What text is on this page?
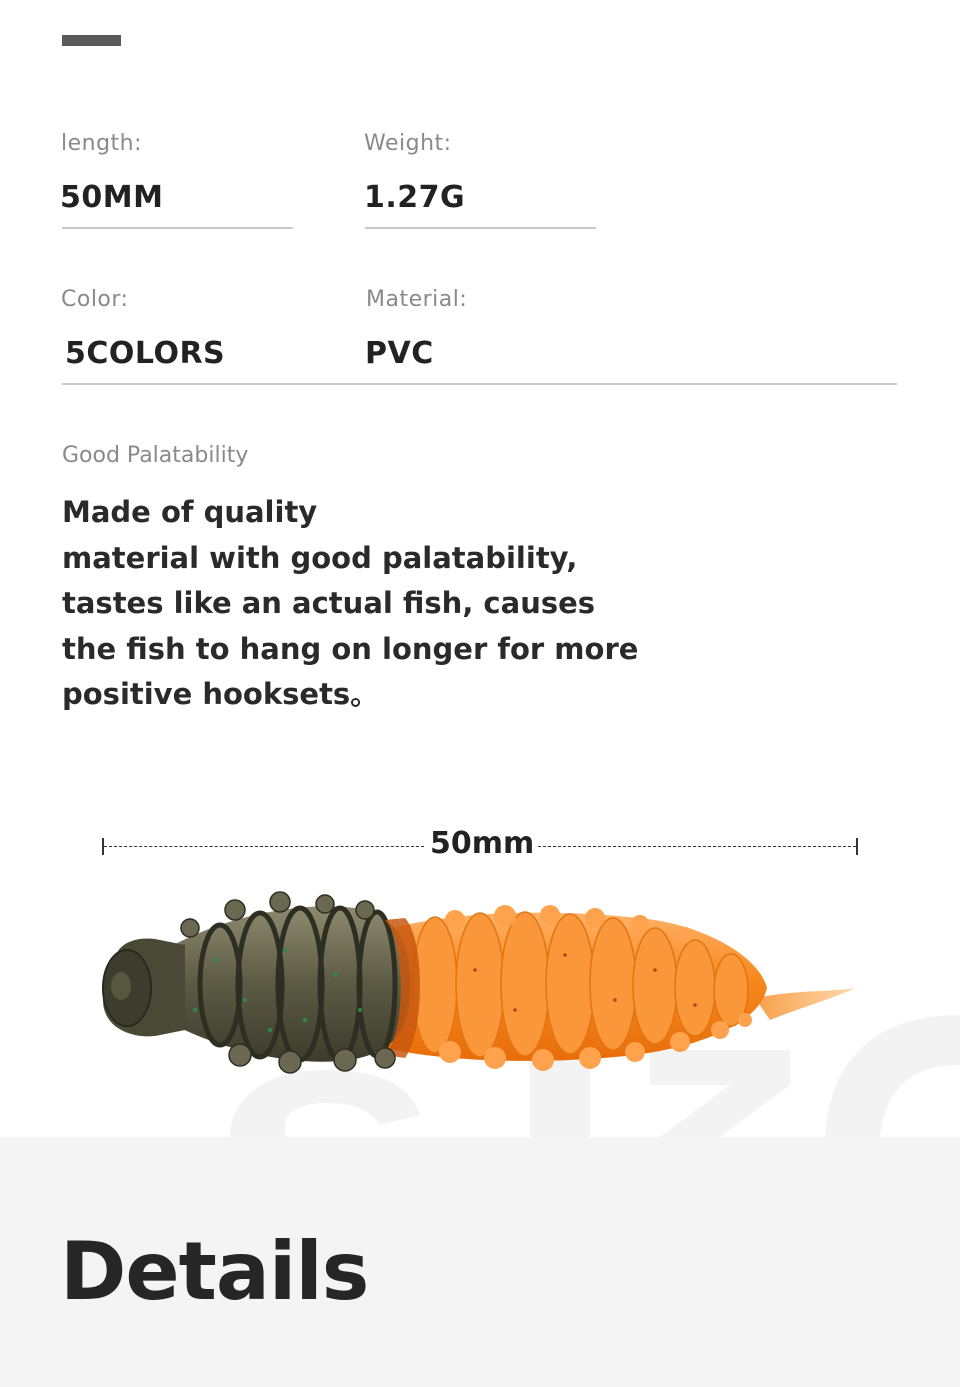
length:
50MM
Weight:
1.27G
Color:
5COLORS
Material:
PVC
Good Palatability
Made of quality
material with good palatability,
tastes like an actual fish, causes
the fish to hang on longer for more
positive hooksets。
50mm
Details
